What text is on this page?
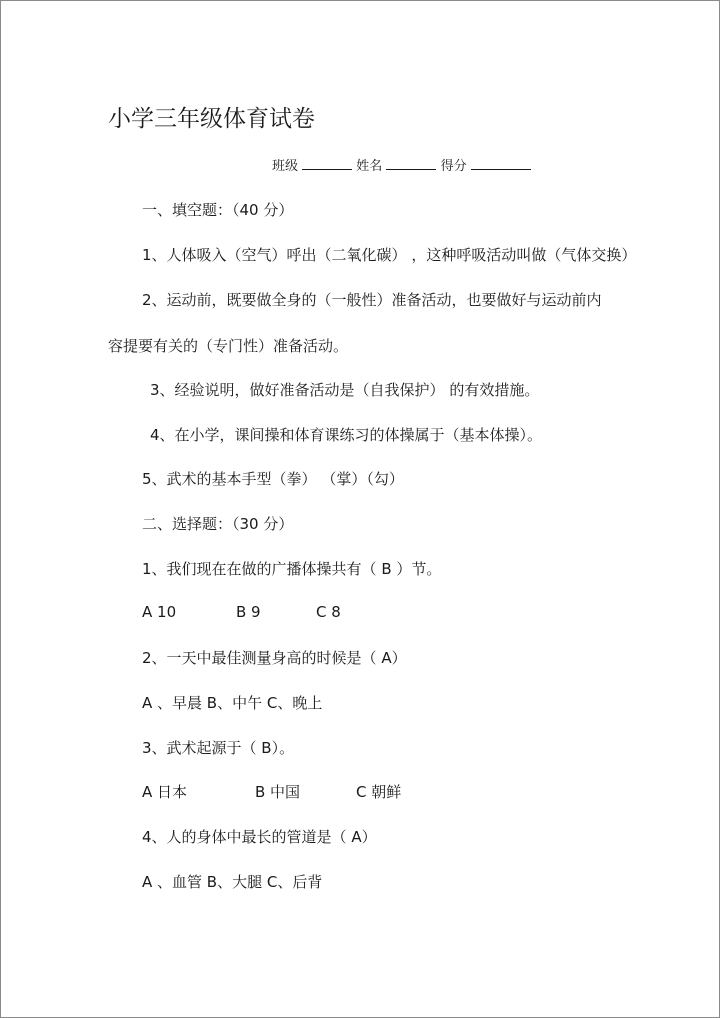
小学三年级体育试卷
班级	姓名	得分
一、填空题：（40 分）
1、人体吸入（空气）呼出（二氧化碳） ，这种呼吸活动叫做（气体交换）
2、运动前，既要做全身的（一般性）准备活动，也要做好与运动前内
容提要有关的（专门性）准备活动。
3、经验说明，做好准备活动是（自我保护） 的有效措施。
4、在小学，课间操和体育课练习的体操属于（基本体操）。
5、武术的基本手型（拳） （掌）（勾）
二、选择题：（30 分）
1、我们现在在做的广播体操共有（ B ）节。
A 10	B 9	C 8
2、一天中最佳测量身高的时候是（ A）
A 、早晨 B、中午 C、晚上
3、武术起源于（ B）。
A 日本	B 中国	C 朝鲜
4、人的身体中最长的管道是（ A）
A 、血管 B、大腿 C、后背
